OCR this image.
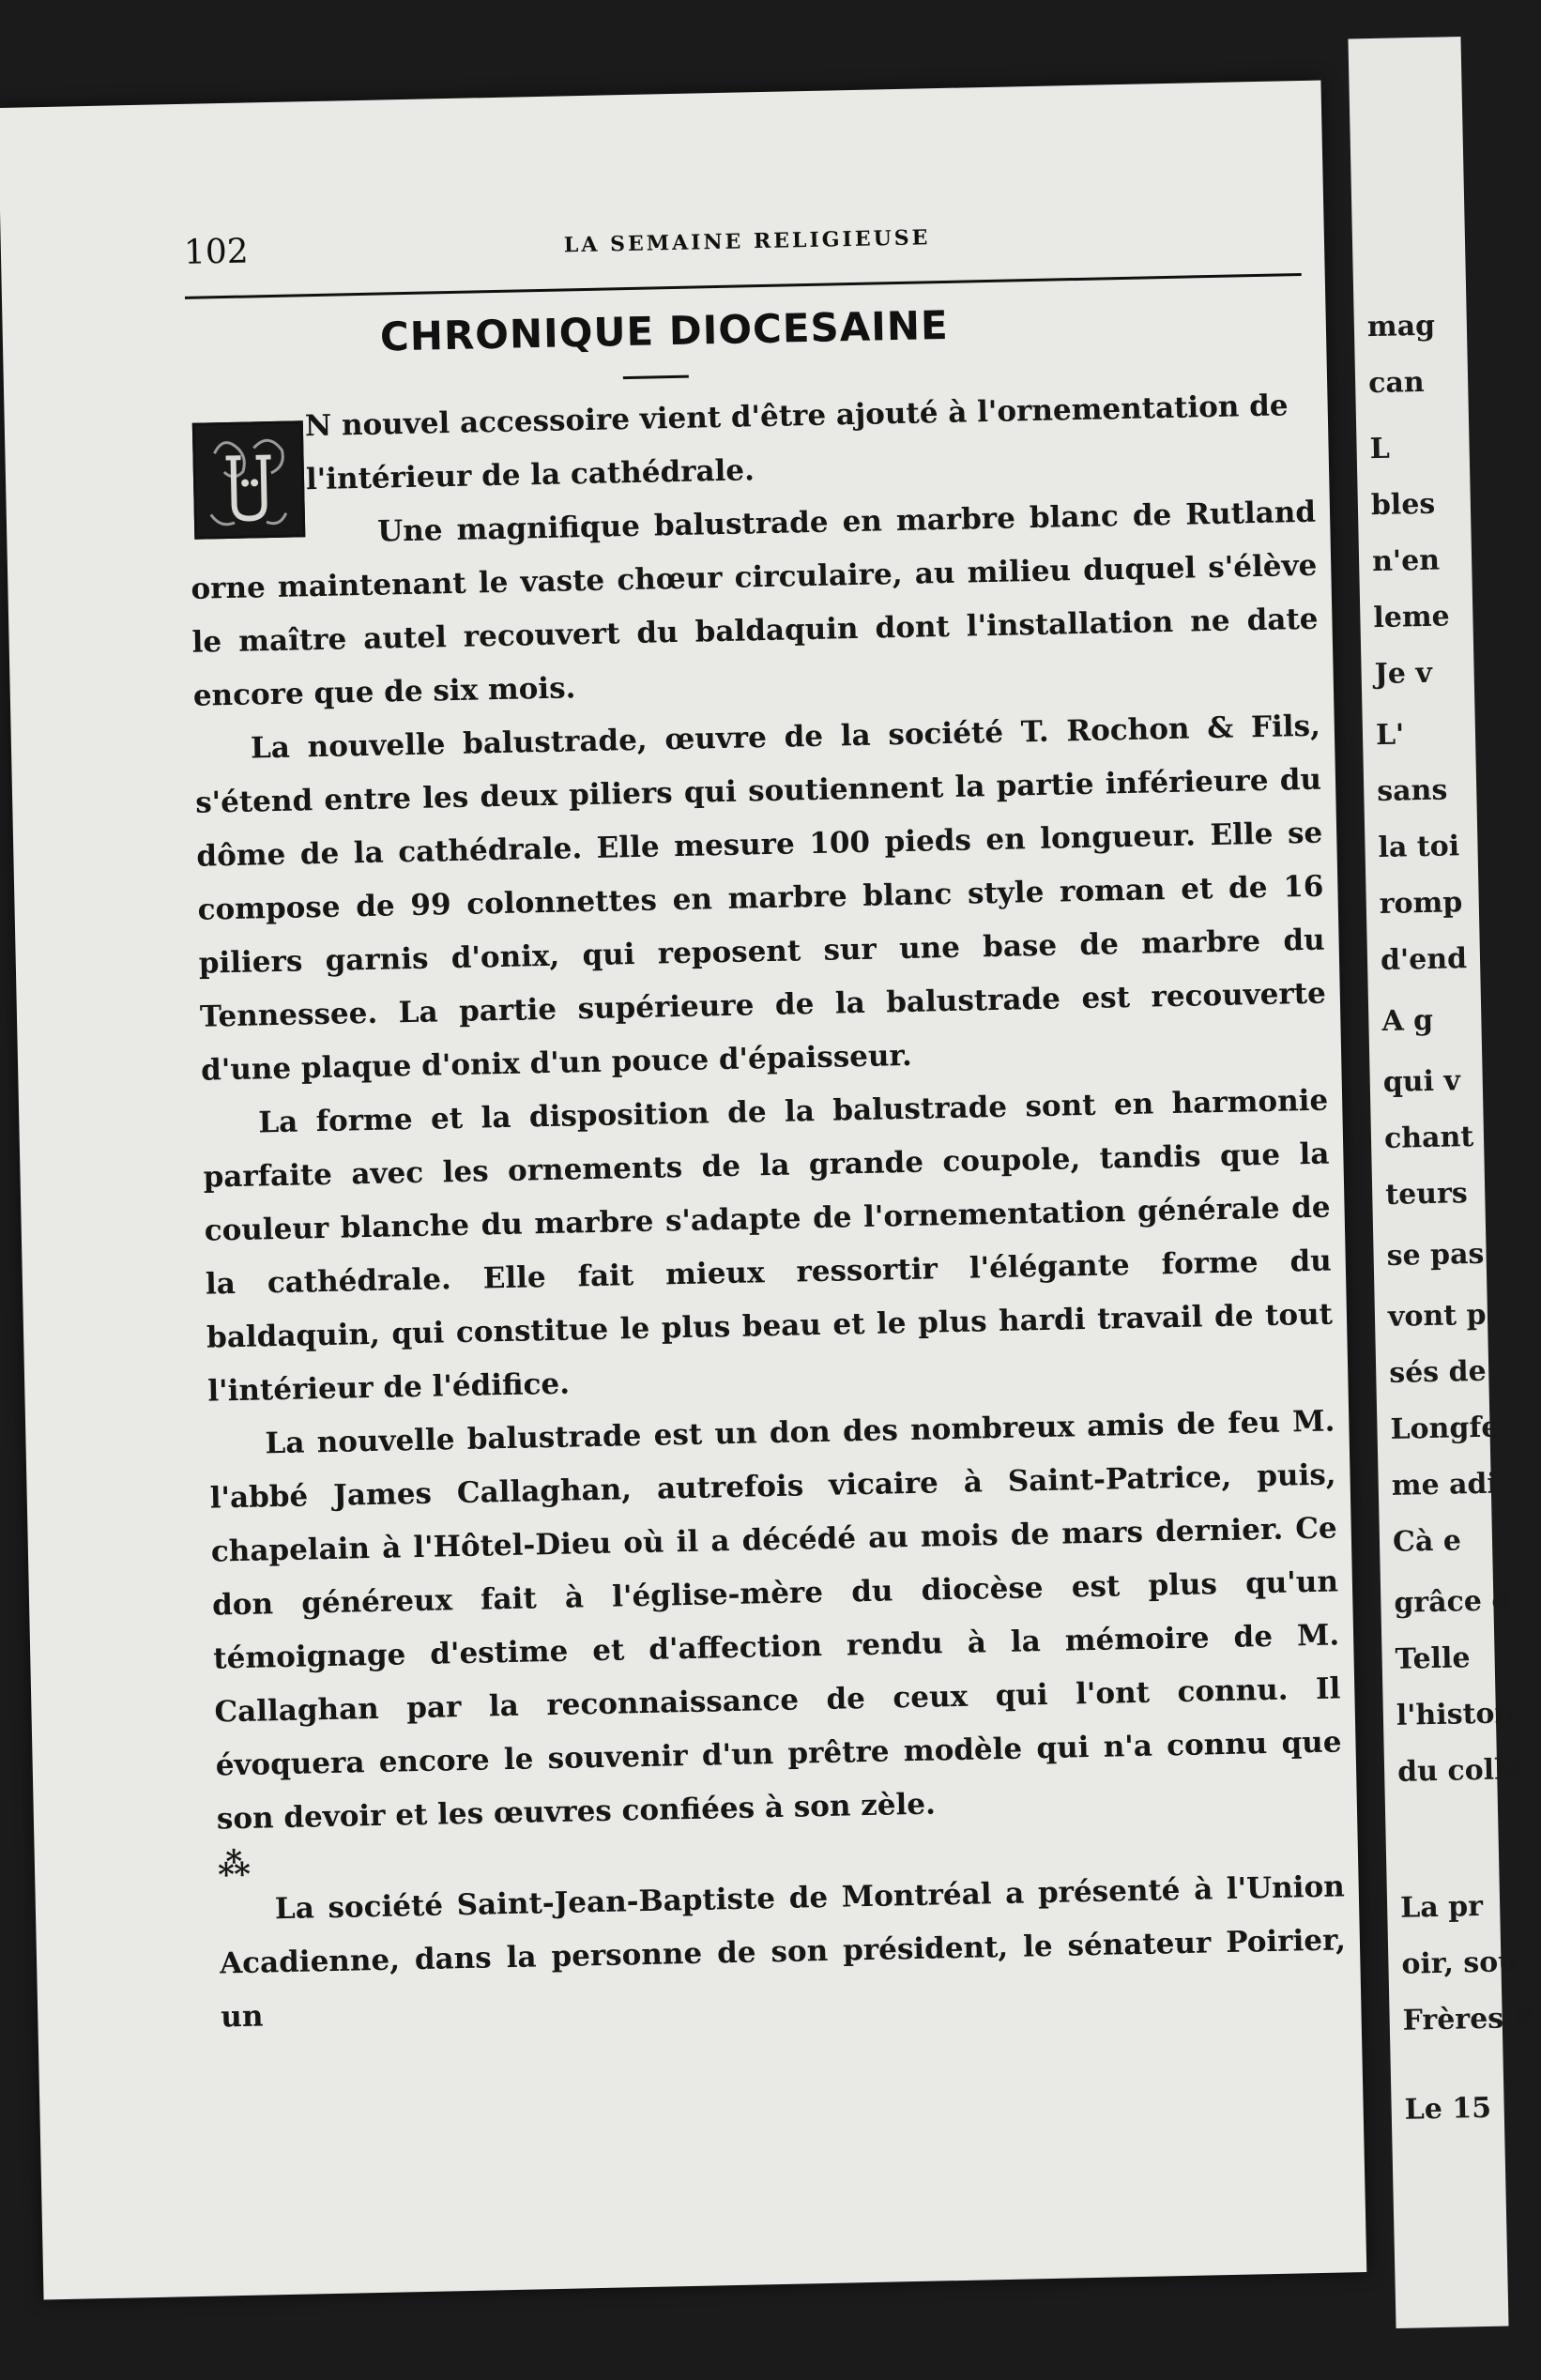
102	LA SEMAINE RELIGIEUSE
CHRONIQUE DIOCESAINE

N nouvel accessoire vient d'être ajouté à l'ornementation de

l'intérieur de la cathédrale.

Une magnifique balustrade en marbre blanc de Rutland orne maintenant le vaste chœur circulaire, au milieu duquel s'élève le maître autel recouvert du baldaquin dont l'installation ne date encore que de six mois.

La nouvelle balustrade, œuvre de la société T. Rochon & Fils, s'étend entre les deux piliers qui soutiennent la partie inférieure du dôme de la cathédrale. Elle mesure 100 pieds en longueur. Elle se compose de 99 colonnettes en marbre blanc style roman et de 16 piliers garnis d'onix, qui reposent sur une base de marbre du Tennessee. La partie supérieure de la balustrade est recouverte d'une plaque d'onix d'un pouce d'épaisseur.

La forme et la disposition de la balustrade sont en harmonie parfaite avec les ornements de la grande coupole, tandis que la couleur blanche du marbre s'adapte de l'ornementation générale de la cathédrale. Elle fait mieux ressortir l'élégante forme du baldaquin, qui constitue le plus beau et le plus hardi travail de tout l'intérieur de l'édifice.

La nouvelle balustrade est un don des nombreux amis de feu M. l'abbé James Callaghan, autrefois vicaire à Saint-Patrice, puis, chapelain à l'Hôtel-Dieu où il a décédé au mois de mars dernier. Ce don généreux fait à l'église-mère du diocèse est plus qu'un témoignage d'estime et d'affection rendu à la mémoire de M. Callaghan par la reconnaissance de ceux qui l'ont connu. Il évoquera encore le souvenir d'un prêtre modèle qui n'a connu que son devoir et les œuvres confiées à son zèle.

⁂

La société Saint-Jean-Baptiste de Montréal a présenté à l'Union Acadienne, dans la personne de son président, le sénateur Poirier, un

mag
can
L
bles
n'en
leme
Je v
L'
sans
la toi
romp
d'end
A g
qui v
chant
teurs
se pas
vont p
sés de
Longfe
me adi
Cà e
grâce d
Telle
l'histoir
du collè
La pr
oir, sou
Frères P
Le 15
